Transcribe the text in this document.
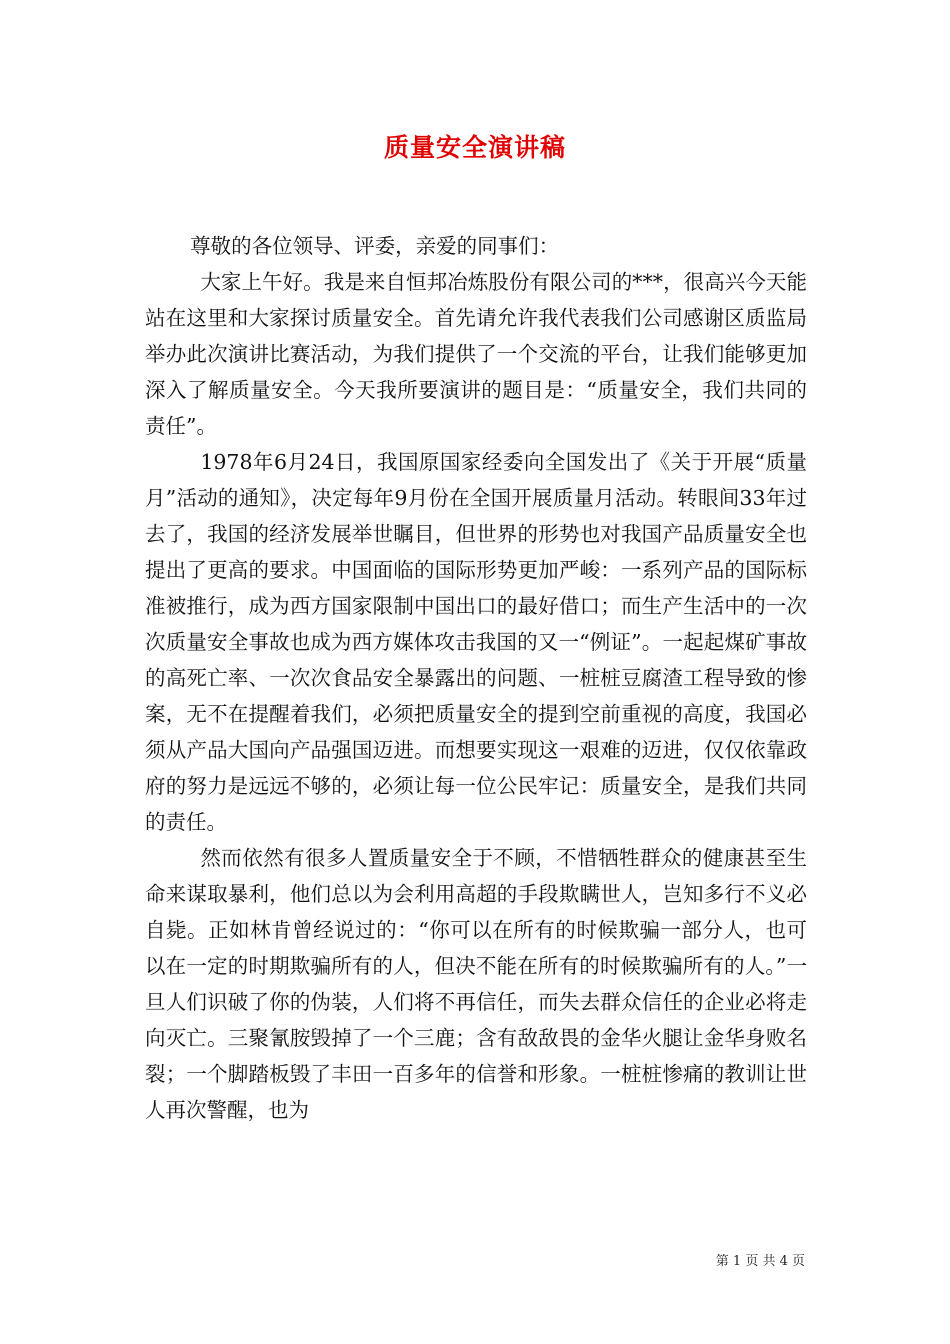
质量安全演讲稿

尊敬的各位领导、评委，亲爱的同事们：

大家上午好。我是来自恒邦冶炼股份有限公司的***，很高兴今天能站在这里和大家探讨质量安全。首先请允许我代表我们公司感谢区质监局举办此次演讲比赛活动，为我们提供了一个交流的平台，让我们能够更加深入了解质量安全。今天我所要演讲的题目是：“质量安全，我们共同的责任”。

1978年6月24日，我国原国家经委向全国发出了《关于开展“质量月”活动的通知》，决定每年9月份在全国开展质量月活动。转眼间33年过去了，我国的经济发展举世瞩目，但世界的形势也对我国产品质量安全也提出了更高的要求。中国面临的国际形势更加严峻：一系列产品的国际标准被推行，成为西方国家限制中国出口的最好借口；而生产生活中的一次次质量安全事故也成为西方媒体攻击我国的又一“例证”。一起起煤矿事故的高死亡率、一次次食品安全暴露出的问题、一桩桩豆腐渣工程导致的惨案，无不在提醒着我们，必须把质量安全的提到空前重视的高度，我国必须从产品大国向产品强国迈进。而想要实现这一艰难的迈进，仅仅依靠政府的努力是远远不够的，必须让每一位公民牢记：质量安全，是我们共同的责任。

然而依然有很多人置质量安全于不顾，不惜牺牲群众的健康甚至生命来谋取暴利，他们总以为会利用高超的手段欺瞒世人，岂知多行不义必自毙。正如林肯曾经说过的：“你可以在所有的时候欺骗一部分人，也可以在一定的时期欺骗所有的人，但决不能在所有的时候欺骗所有的人。”一旦人们识破了你的伪装，人们将不再信任，而失去群众信任的企业必将走向灭亡。三聚氰胺毁掉了一个三鹿；含有敌敌畏的金华火腿让金华身败名裂；一个脚踏板毁了丰田一百多年的信誉和形象。一桩桩惨痛的教训让世人再次警醒，也为

第 1 页 共 4 页
